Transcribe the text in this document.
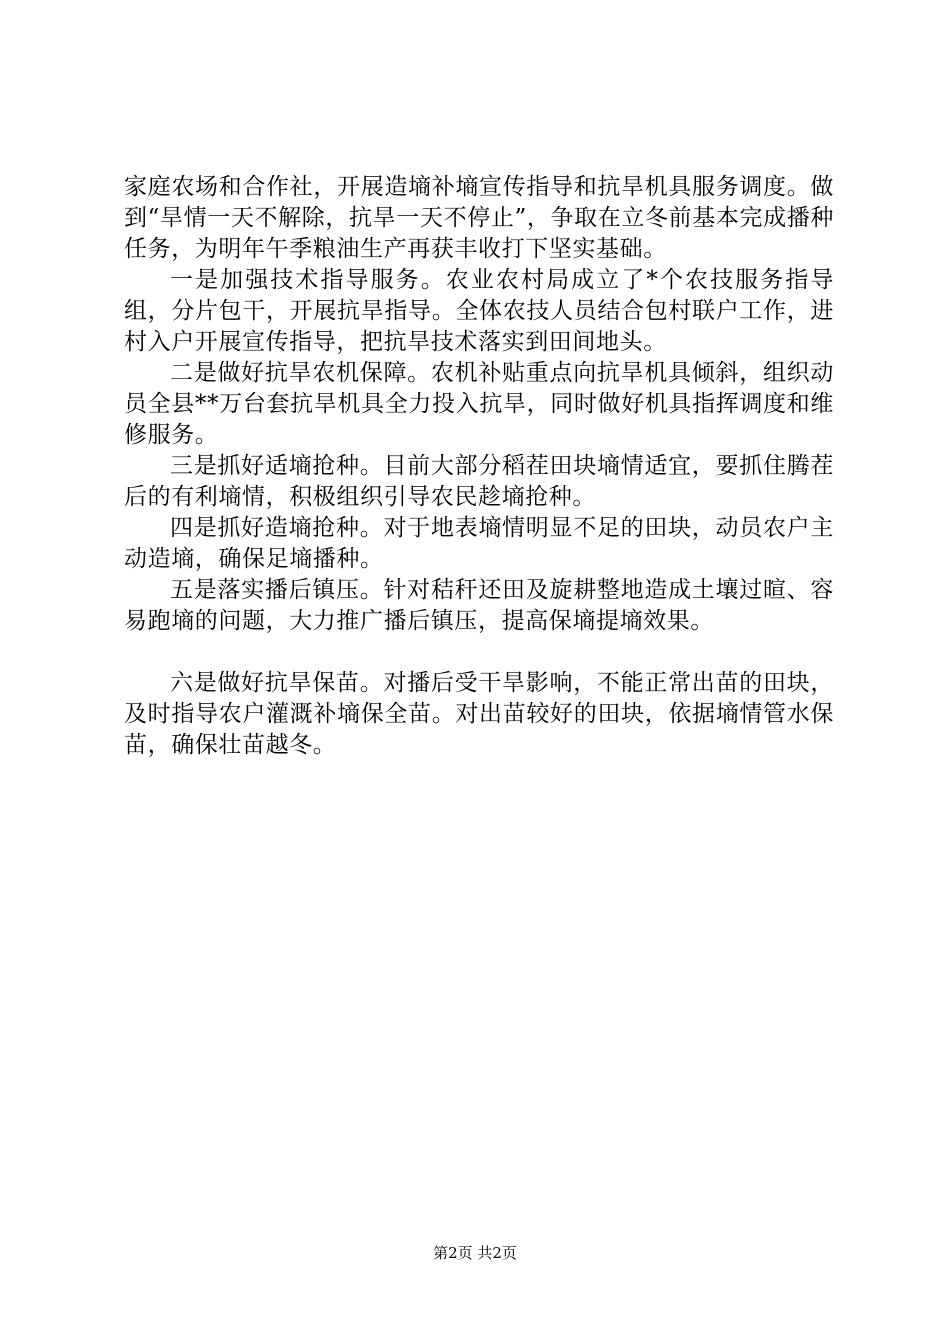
家庭农场和合作社，开展造墒补墒宣传指导和抗旱机具服务调度。做到“旱情一天不解除，抗旱一天不停止”，争取在立冬前基本完成播种任务，为明年午季粮油生产再获丰收打下坚实基础。

一是加强技术指导服务。农业农村局成立了*个农技服务指导组，分片包干，开展抗旱指导。全体农技人员结合包村联户工作，进村入户开展宣传指导，把抗旱技术落实到田间地头。

二是做好抗旱农机保障。农机补贴重点向抗旱机具倾斜，组织动员全县**万台套抗旱机具全力投入抗旱，同时做好机具指挥调度和维修服务。

三是抓好适墒抢种。目前大部分稻茬田块墒情适宜，要抓住腾茬后的有利墒情，积极组织引导农民趁墒抢种。

四是抓好造墒抢种。对于地表墒情明显不足的田块，动员农户主动造墒，确保足墒播种。

五是落实播后镇压。针对秸秆还田及旋耕整地造成土壤过暄、容易跑墒的问题，大力推广播后镇压，提高保墒提墒效果。

六是做好抗旱保苗。对播后受干旱影响，不能正常出苗的田块，及时指导农户灌溉补墒保全苗。对出苗较好的田块，依据墒情管水保苗，确保壮苗越冬。

第2页 共2页
